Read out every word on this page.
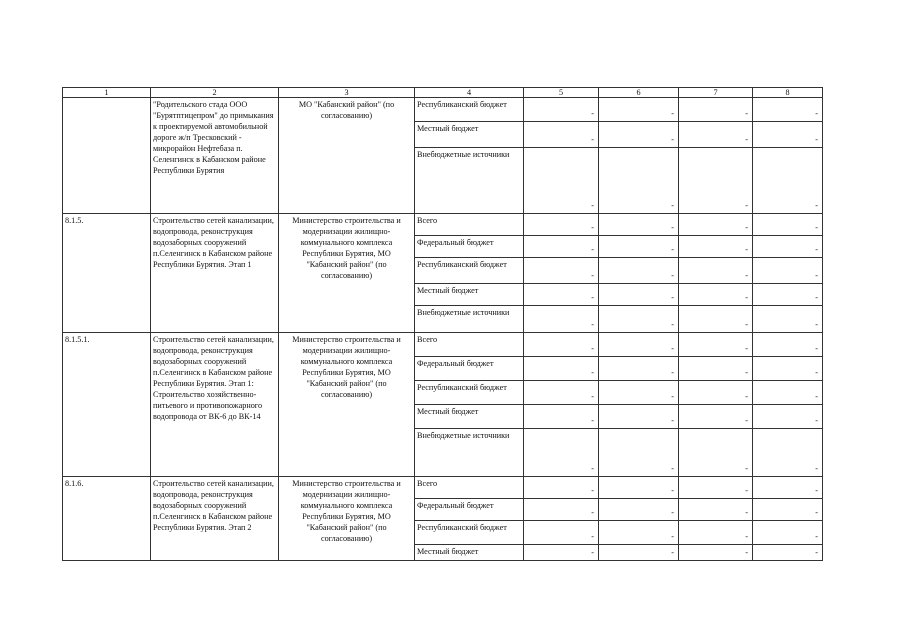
1	2	3	4	5	6	7	8
	"Родительского стада ООО "Бурятптицепром" до примыкания к проектируемой автомобильной дороге ж/п Тресковский - микрорайон Нефтебаза п. Селенгинск в Кабанском районе Республики Бурятия	МО "Кабанский район" (по согласованию)	Республиканский бюджет	-	-	-	-

			Местный бюджет	-	-	-	-

			Внебюджетные источники	-	-	-	-

8.1.5.	Строительство сетей канализации, водопровода, реконструкция водозаборных сооружений п.Селенгинск в Кабанском районе Республики Бурятия. Этап 1	Министерство строительства и модернизации жилищно-коммунального комплекса Республики Бурятия, МО "Кабанский район" (по согласованию)	Всего	-	-	-	-

			Федеральный бюджет	-	-	-	-

			Республиканский бюджет	-	-	-	-

			Местный бюджет	-	-	-	-

			Внебюджетные источники	-	-	-	-

8.1.5.1.	Строительство сетей канализации, водопровода, реконструкция водозаборных сооружений п.Селенгинск в Кабанском районе Республики Бурятия. Этап 1: Строительство хозяйственно-питьевого и противопожарного водопровода от ВК-6 до ВК-14	Министерство строительства и модернизации жилищно-коммунального комплекса Республики Бурятия, МО "Кабанский район" (по согласованию)	Всего	-	-	-	-

			Федеральный бюджет	-	-	-	-

			Республиканский бюджет	-	-	-	-

			Местный бюджет	-	-	-	-

			Внебюджетные источники	-	-	-	-

8.1.6.	Строительство сетей канализации, водопровода, реконструкция водозаборных сооружений п.Селенгинск в Кабанском районе Республики Бурятия. Этап 2	Министерство строительства и модернизации жилищно-коммунального комплекса Республики Бурятия, МО "Кабанский район" (по согласованию)	Всего	-	-	-	-

			Федеральный бюджет	-	-	-	-

			Республиканский бюджет	-	-	-	-

			Местный бюджет	-	-	-	-
